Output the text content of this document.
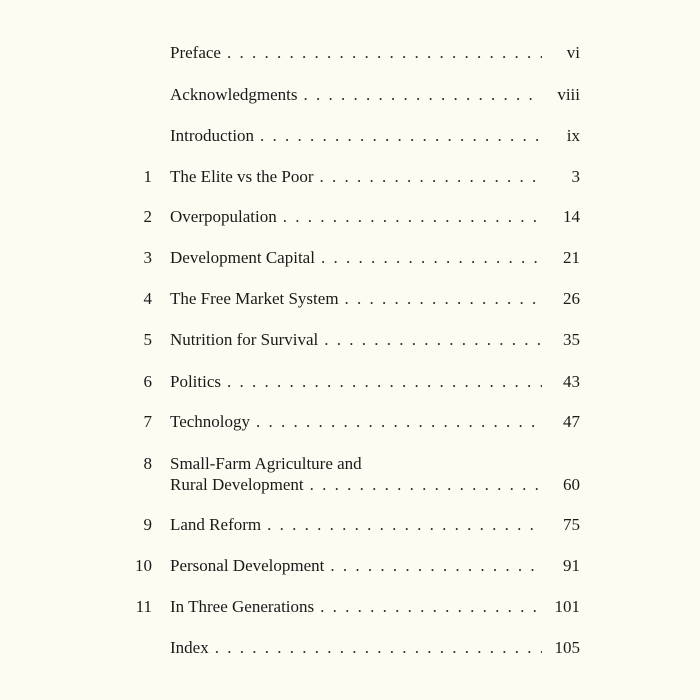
Preface . . .	vi
Acknowledgments . . .	viii
Introduction . . .	ix
1 The Elite vs the Poor . . .	3
2 Overpopulation . . .	14
3 Development Capital . . .	21
4 The Free Market System . . .	26
5 Nutrition for Survival . . .	35
6 Politics . . .	43
7 Technology . . .	47
8 Small-Farm Agriculture and
Rural Development . . .	60
9 Land Reform . . .	75
10 Personal Development . . .	91
11 In Three Generations . . .	101
Index . . .	105
